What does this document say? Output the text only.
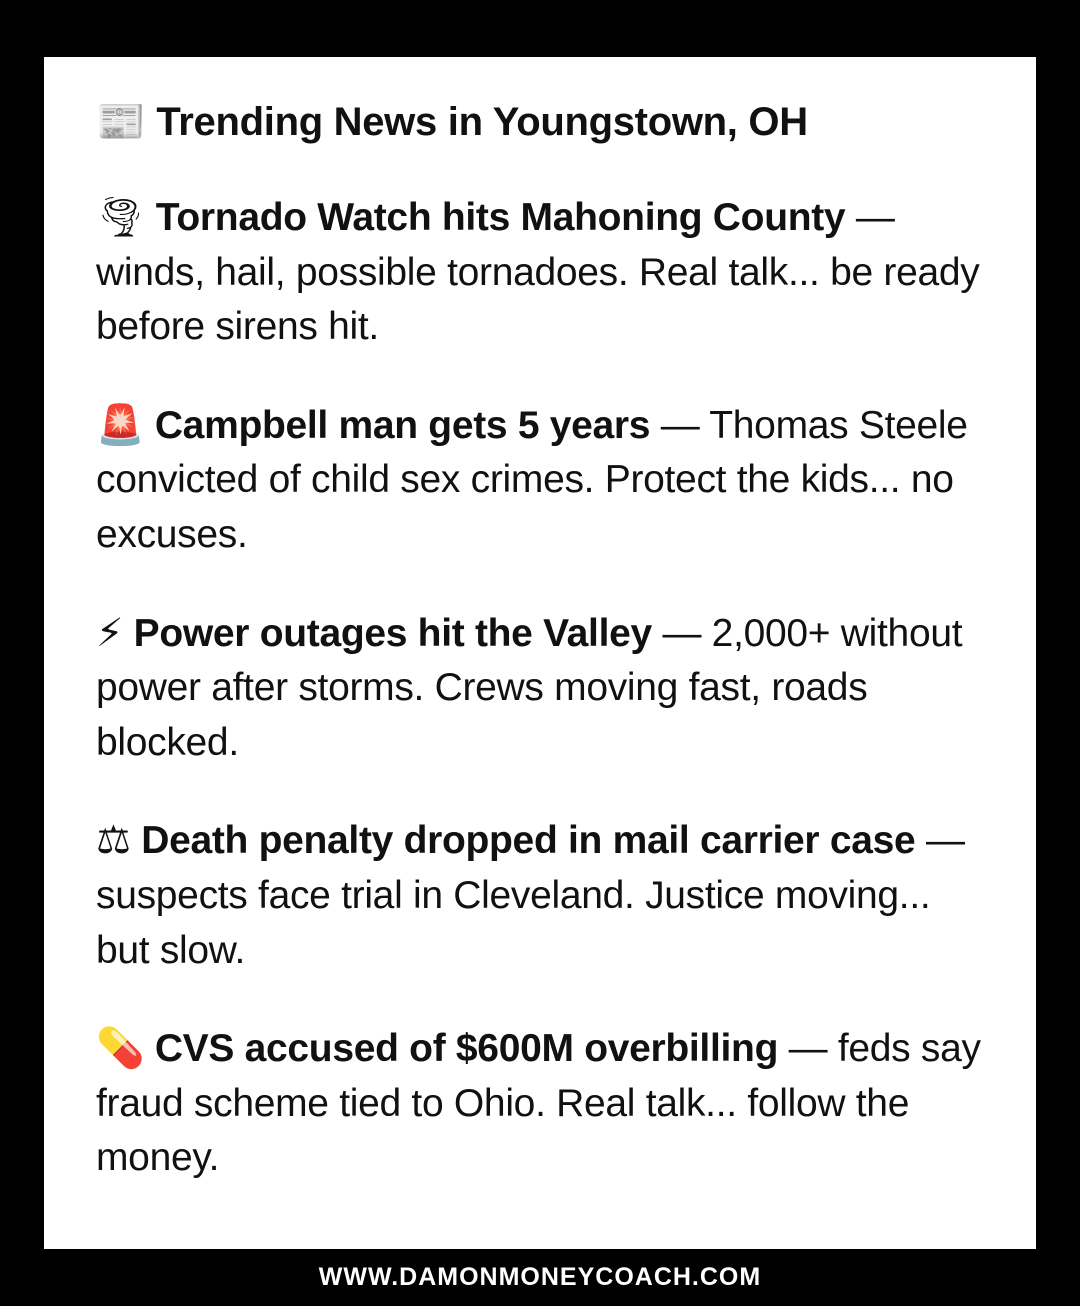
📰 Trending News in Youngstown, OH
🌪 Tornado Watch hits Mahoning County — winds, hail, possible tornadoes. Real talk... be ready before sirens hit.
🚨 Campbell man gets 5 years — Thomas Steele convicted of child sex crimes. Protect the kids... no excuses.
⚡ Power outages hit the Valley — 2,000+ without power after storms. Crews moving fast, roads blocked.
⚖ Death penalty dropped in mail carrier case — suspects face trial in Cleveland. Justice moving... but slow.
💊 CVS accused of $600M overbilling — feds say fraud scheme tied to Ohio. Real talk... follow the money.
WWW.DAMONMONEYCOACH.COM
